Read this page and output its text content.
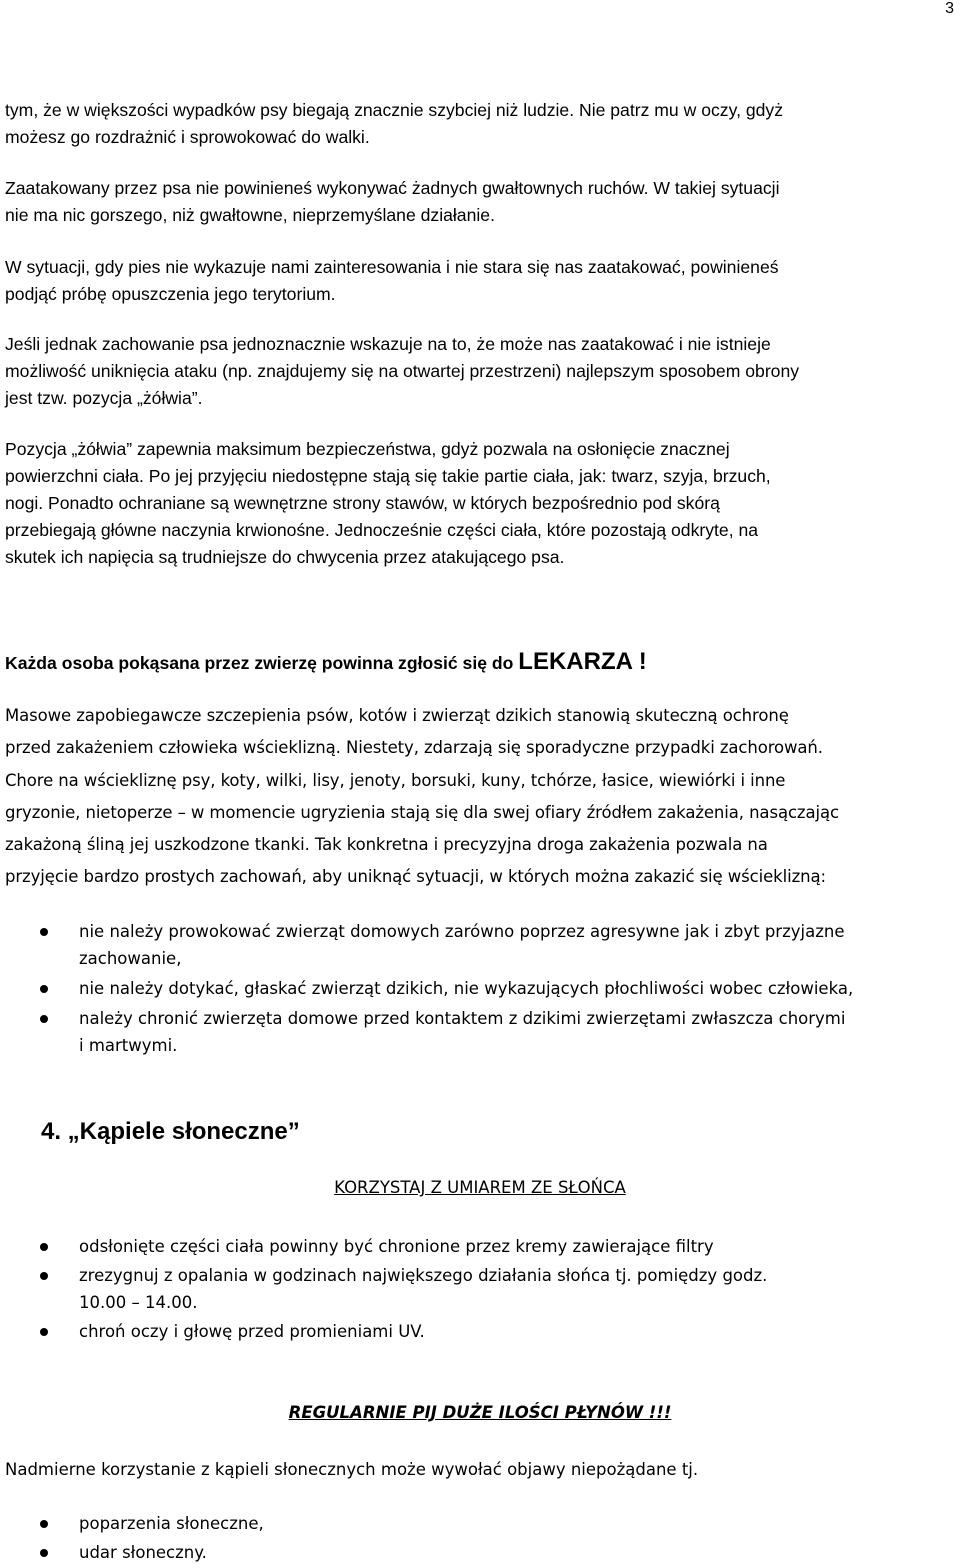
3
tym, że w większości wypadków psy biegają znacznie szybciej niż ludzie. Nie patrz mu w oczy, gdyż
możesz go rozdrażnić i sprowokować do walki.
Zaatakowany przez psa nie powinieneś wykonywać żadnych gwałtownych ruchów. W takiej sytuacji
nie ma nic gorszego, niż gwałtowne, nieprzemyślane działanie.
W sytuacji, gdy pies nie wykazuje nami zainteresowania i nie stara się nas zaatakować, powinieneś
podjąć próbę opuszczenia jego terytorium.
Jeśli jednak zachowanie psa jednoznacznie wskazuje na to, że może nas zaatakować i nie istnieje
możliwość uniknięcia ataku (np. znajdujemy się na otwartej przestrzeni) najlepszym sposobem obrony
jest tzw. pozycja „żółwia”.
Pozycja „żółwia” zapewnia maksimum bezpieczeństwa, gdyż pozwala na osłonięcie znacznej
powierzchni ciała. Po jej przyjęciu niedostępne stają się takie partie ciała, jak: twarz, szyja, brzuch,
nogi. Ponadto ochraniane są wewnętrzne strony stawów, w których bezpośrednio pod skórą
przebiegają główne naczynia krwionośne. Jednocześnie części ciała, które pozostają odkryte, na
skutek ich napięcia są trudniejsze do chwycenia przez atakującego psa.
Każda osoba pokąsana przez zwierzę powinna zgłosić się do LEKARZA !
Masowe zapobiegawcze szczepienia psów, kotów i zwierząt dzikich stanowią skuteczną ochronę
przed zakażeniem człowieka wścieklizną. Niestety, zdarzają się sporadyczne przypadki zachorowań.
Chore na wściekliznę psy, koty, wilki, lisy, jenoty, borsuki, kuny, tchórze, łasice, wiewiórki i inne
gryzonie, nietoperze – w momencie ugryzienia stają się dla swej ofiary źródłem zakażenia, nasączając
zakażoną śliną jej uszkodzone tkanki. Tak konkretna i precyzyjna droga zakażenia pozwala na
przyjęcie bardzo prostych zachowań, aby uniknąć sytuacji, w których można zakazić się wścieklizną:
nie należy prowokować zwierząt domowych zarówno poprzez agresywne jak i zbyt przyjazne
zachowanie,
nie należy dotykać, głaskać zwierząt dzikich, nie wykazujących płochliwości wobec człowieka,
należy chronić zwierzęta domowe przed kontaktem z dzikimi zwierzętami zwłaszcza chorymi
i martwymi.
4. „Kąpiele słoneczne”
KORZYSTAJ Z UMIAREM ZE SŁOŃCA
odsłonięte części ciała powinny być chronione przez kremy zawierające filtry
zrezygnuj z opalania w godzinach największego działania słońca tj. pomiędzy godz.
10.00 – 14.00.
chroń oczy i głowę przed promieniami UV.
REGULARNIE PIJ DUŻE ILOŚCI PŁYNÓW !!!
Nadmierne korzystanie z kąpieli słonecznych może wywołać objawy niepożądane tj.
poparzenia słoneczne,
udar słoneczny.
